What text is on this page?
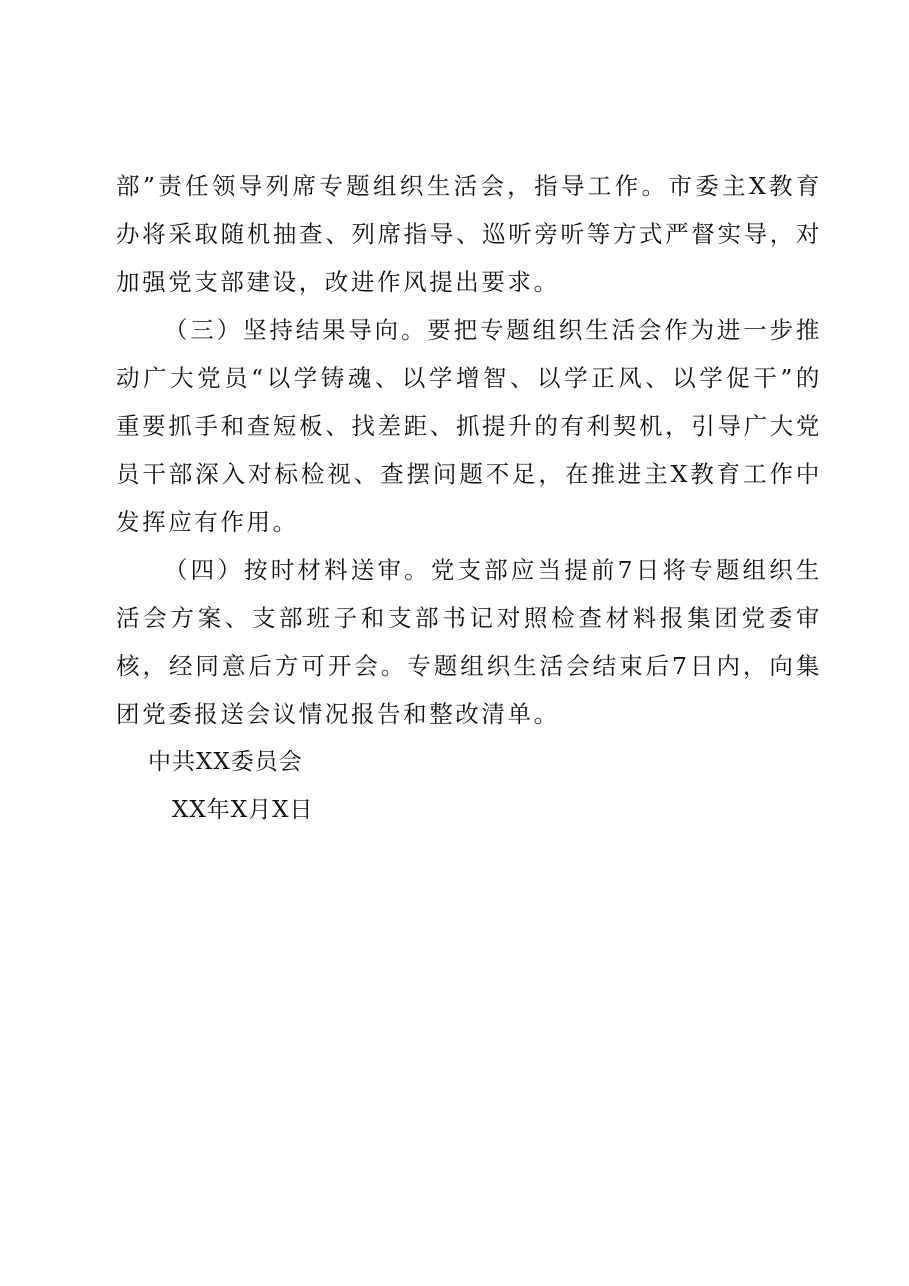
部”责任领导列席专题组织生活会，指导工作。市委主X教育办将采取随机抽查、列席指导、巡听旁听等方式严督实导，对加强党支部建设，改进作风提出要求。

（三）坚持结果导向。要把专题组织生活会作为进一步推动广大党员“以学铸魂、以学增智、以学正风、以学促干”的重要抓手和查短板、找差距、抓提升的有利契机，引导广大党员干部深入对标检视、查摆问题不足，在推进主X教育工作中发挥应有作用。

（四）按时材料送审。党支部应当提前7日将专题组织生活会方案、支部班子和支部书记对照检查材料报集团党委审核，经同意后方可开会。专题组织生活会结束后7日内，向集团党委报送会议情况报告和整改清单。

中共XX委员会

XX年X月X日
